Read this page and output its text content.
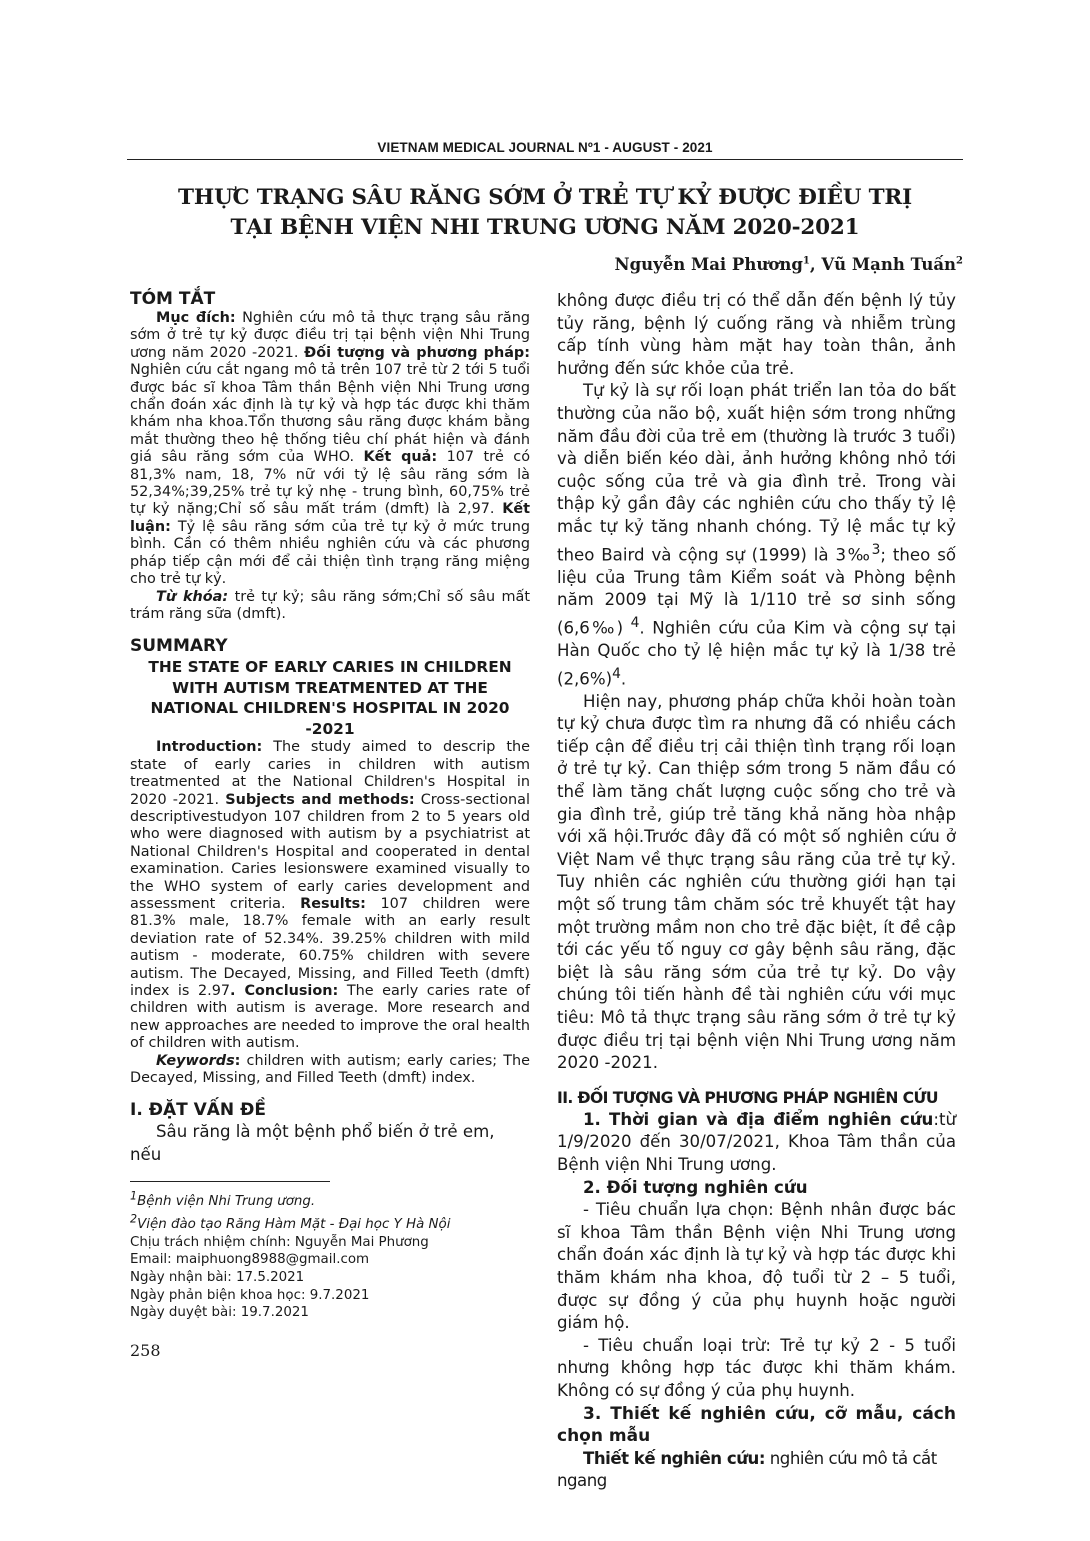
VIETNAM MEDICAL JOURNAL Nº1 - AUGUST - 2021
THỰC TRẠNG SÂU RĂNG SỚM Ở TRẺ TỰ KỶ ĐƯỢC ĐIỀU TRỊ
TẠI BỆNH VIỆN NHI TRUNG ƯƠNG NĂM 2020-2021
Nguyễn Mai Phương$^1$, Vũ Mạnh Tuấn$^2$

TÓM TẮT

Mục đích: Nghiên cứu mô tả thực trạng sâu răng sớm ở trẻ tự kỷ được điều trị tại bệnh viện Nhi Trung ương năm 2020 -2021. Đối tượng và phương pháp: Nghiên cứu cắt ngang mô tả trên 107 trẻ từ 2 tới 5 tuổi được bác sĩ khoa Tâm thần Bệnh viện Nhi Trung ương chẩn đoán xác định là tự kỷ và hợp tác được khi thăm khám nha khoa.Tổn thương sâu răng được khám bằng mắt thường theo hệ thống tiêu chí phát hiện và đánh giá sâu răng sớm của WHO. Kết quả: 107 trẻ có 81,3% nam, 18, 7% nữ với tỷ lệ sâu răng sớm là 52,34%;39,25% trẻ tự kỷ nhẹ - trung bình, 60,75% trẻ tự kỷ nặng;Chỉ số sâu mất trám (dmft) là 2,97. Kết luận: Tỷ lệ sâu răng sớm của trẻ tự kỷ ở mức trung bình. Cần có thêm nhiều nghiên cứu và các phương pháp tiếp cận mới để cải thiện tình trạng răng miệng cho trẻ tự kỷ.

Từ khóa: trẻ tự kỷ; sâu răng sớm;Chỉ số sâu mất trám răng sữa (dmft).

SUMMARY

THE STATE OF EARLY CARIES IN CHILDREN WITH AUTISM TREATMENTED AT THE NATIONAL CHILDREN'S HOSPITAL IN 2020 -2021

Introduction: The study aimed to descrip the state of early caries in children with autism treatmented at the National Children's Hospital in 2020 -2021. Subjects and methods: Cross-sectional descriptivestudyon 107 children from 2 to 5 years old who were diagnosed with autism by a psychiatrist at National Children's Hospital and cooperated in dental examination. Caries lesionswere examined visually to the WHO system of early caries development and assessment criteria. Results: 107 children were 81.3% male, 18.7% female with an early result deviation rate of 52.34%. 39.25% children with mild autism - moderate, 60.75% children with severe autism. The Decayed, Missing, and Filled Teeth (dmft) index is 2.97. Conclusion: The early caries rate of children with autism is average. More research and new approaches are needed to improve the oral health of children with autism.

Keywords: children with autism; early caries; The Decayed, Missing, and Filled Teeth (dmft) index.

I. ĐẶT VẤN ĐỀ

Sâu răng là một bệnh phổ biến ở trẻ em, nếu

$^1$Bệnh viện Nhi Trung ương.

$^2$Viện đào tạo Răng Hàm Mặt - Đại học Y Hà Nội

Chịu trách nhiệm chính: Nguyễn Mai Phương

Email: maiphuong8988@gmail.com

Ngày nhận bài: 17.5.2021

Ngày phản biện khoa học: 9.7.2021

Ngày duyệt bài: 19.7.2021

không được điều trị có thể dẫn đến bệnh lý tủy tủy răng, bệnh lý cuống răng và nhiễm trùng cấp tính vùng hàm mặt hay toàn thân, ảnh hưởng đến sức khỏe của trẻ.

Tự kỷ là sự rối loạn phát triển lan tỏa do bất thường của não bộ, xuất hiện sớm trong những năm đầu đời của trẻ em (thường là trước 3 tuổi) và diễn biến kéo dài, ảnh hưởng không nhỏ tới cuộc sống của trẻ và gia đình trẻ. Trong vài thập kỷ gần đây các nghiên cứu cho thấy tỷ lệ mắc tự kỷ tăng nhanh chóng. Tỷ lệ mắc tự kỷ theo Baird và cộng sự (1999) là 3‰$^3$; theo số liệu của Trung tâm Kiểm soát và Phòng bệnh năm 2009 tại Mỹ là 1/110 trẻ sơ sinh sống (6,6‰) $^4$. Nghiên cứu của Kim và cộng sự tại Hàn Quốc cho tỷ lệ hiện mắc tự kỷ là 1/38 trẻ $(2,6\%)^4$.

Hiện nay, phương pháp chữa khỏi hoàn toàn tự kỷ chưa được tìm ra nhưng đã có nhiều cách tiếp cận để điều trị cải thiện tình trạng rối loạn ở trẻ tự kỷ. Can thiệp sớm trong 5 năm đầu có thể làm tăng chất lượng cuộc sống cho trẻ và gia đình trẻ, giúp trẻ tăng khả năng hòa nhập với xã hội.Trước đây đã có một số nghiên cứu ở Việt Nam về thực trạng sâu răng của trẻ tự kỷ. Tuy nhiên các nghiên cứu thường giới hạn tại một số trung tâm chăm sóc trẻ khuyết tật hay một trường mầm non cho trẻ đặc biệt, ít đề cập tới các yếu tố nguy cơ gây bệnh sâu răng, đặc biệt là sâu răng sớm của trẻ tự kỷ. Do vậy chúng tôi tiến hành đề tài nghiên cứu với mục tiêu: Mô tả thực trạng sâu răng sớm ở trẻ tự kỷ được điều trị tại bệnh viện Nhi Trung ương năm 2020 -2021.

II. ĐỐI TƯỢNG VÀ PHƯƠNG PHÁP NGHIÊN CỨU

1. Thời gian và địa điểm nghiên cứu:từ 1/9/2020 đến 30/07/2021, Khoa Tâm thần của Bệnh viện Nhi Trung ương.

2. Đối tượng nghiên cứu

- Tiêu chuẩn lựa chọn: Bệnh nhân được bác sĩ khoa Tâm thần Bệnh viện Nhi Trung ương chẩn đoán xác định là tự kỷ và hợp tác được khi thăm khám nha khoa, độ tuổi từ 2 – 5 tuổi, được sự đồng ý của phụ huynh hoặc người giám hộ.

- Tiêu chuẩn loại trừ: Trẻ tự kỷ 2 - 5 tuổi nhưng không hợp tác được khi thăm khám. Không có sự đồng ý của phụ huynh.

3. Thiết kế nghiên cứu, cỡ mẫu, cách chọn mẫu

Thiết kế nghiên cứu: nghiên cứu mô tả cắt ngang

258
